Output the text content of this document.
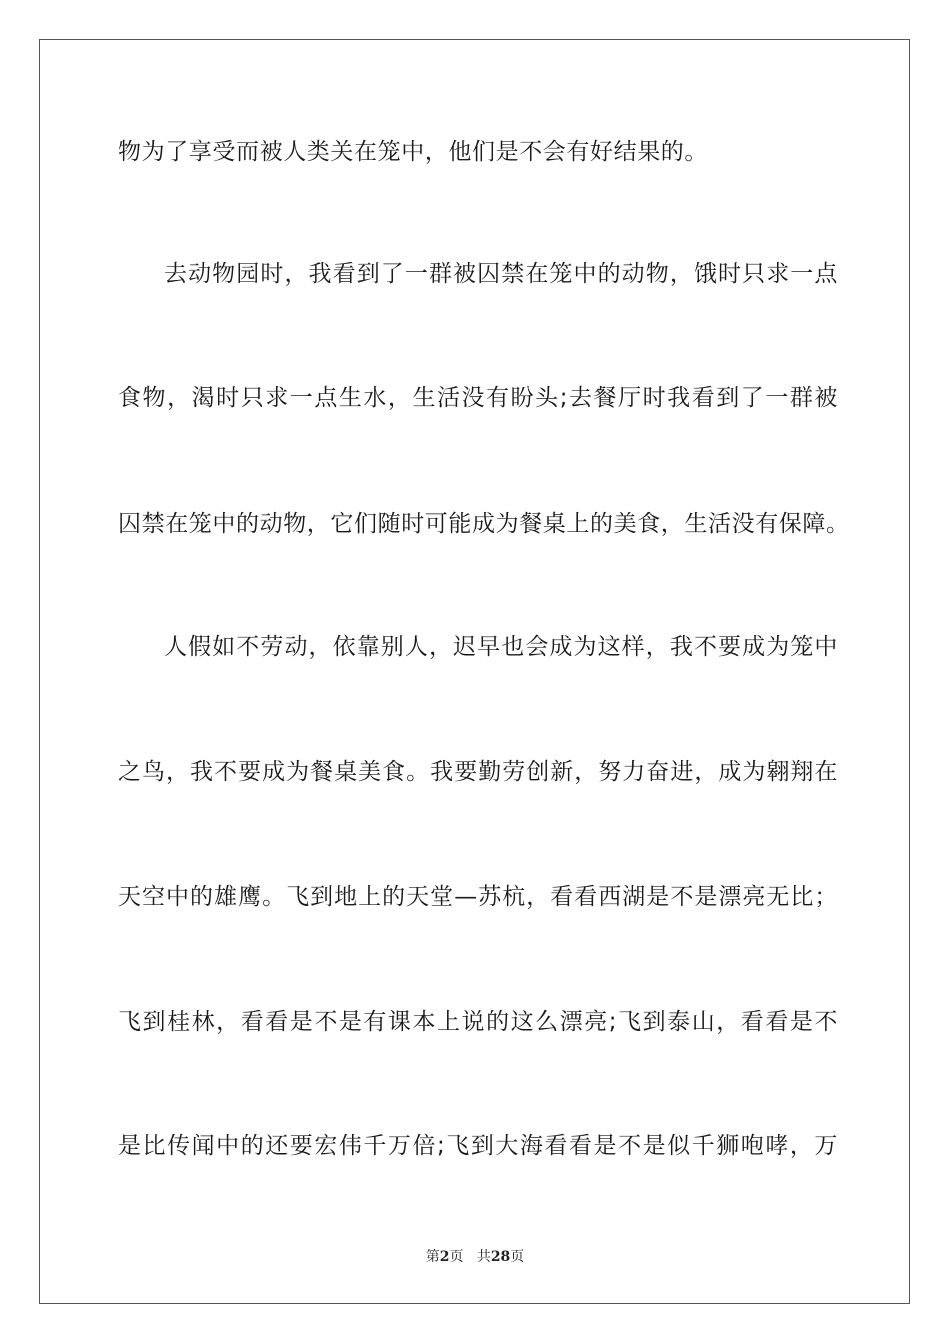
物为了享受而被人类关在笼中，他们是不会有好结果的。
去动物园时，我看到了一群被囚禁在笼中的动物，饿时只求一点
食物，渴时只求一点生水，生活没有盼头;去餐厅时我看到了一群被
囚禁在笼中的动物，它们随时可能成为餐桌上的美食，生活没有保障。
人假如不劳动，依靠别人，迟早也会成为这样，我不要成为笼中
之鸟，我不要成为餐桌美食。我要勤劳创新，努力奋进，成为翱翔在
天空中的雄鹰。飞到地上的天堂—苏杭，看看西湖是不是漂亮无比；
飞到桂林，看看是不是有课本上说的这么漂亮;飞到泰山，看看是不
是比传闻中的还要宏伟千万倍;飞到大海看看是不是似千狮咆哮，万
第2页 共28页
